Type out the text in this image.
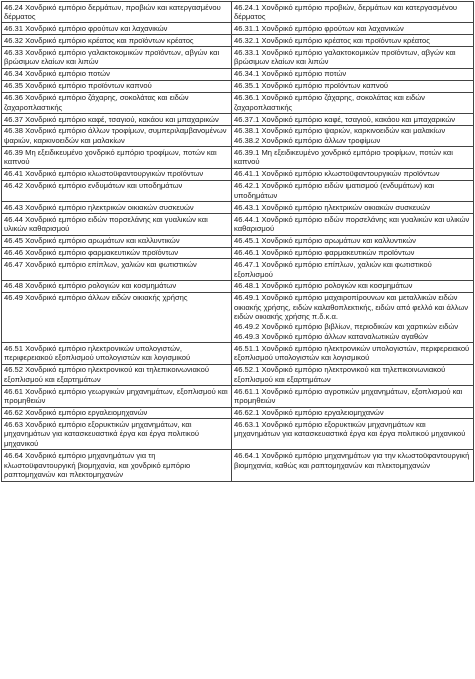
46.24 Χονδρικό εμπόριο δερμάτων, προβιών και κατεργασμένου δέρματος	46.24.1 Χονδρικό εμπόριο προβιών, δερμάτων και κατεργασμένου δέρματος

46.31 Χονδρικό εμπόριο φρούτων και λαχανικών	46.31.1 Χονδρικό εμπόριο φρούτων και λαχανικών

46.32 Χονδρικό εμπόριο κρέατος και προϊόντων κρέατος	46.32.1 Χονδρικό εμπόριο κρέατος και προϊόντων κρέατος

46.33 Χονδρικό εμπόριο γαλακτοκομικών προϊόντων, αβγών και βρώσιμων ελαίων και λιπών	46.33.1 Χονδρικό εμπόριο γαλακτοκομικών προϊόντων, αβγών και βρώσιμων ελαίων και λιπών

46.34 Χονδρικό εμπόριο ποτών	46.34.1 Χονδρικό εμπόριο ποτών

46.35 Χονδρικό εμπόριο προϊόντων καπνού	46.35.1 Χονδρικό εμπόριο προϊόντων καπνού

46.36 Χονδρικό εμπόριο ζάχαρης, σοκολάτας και ειδών ζαχαροπλαστικής	46.36.1 Χονδρικό εμπόριο ζάχαρης, σοκολάτας και ειδών ζαχαροπλαστικής

46.37 Χονδρικό εμπόριο καφέ, τσαγιού, κακάου και μπαχαρικών	46.37.1 Χονδρικό εμπόριο καφέ, τσαγιού, κακάου και μπαχαρικών

46.38 Χονδρικό εμπόριο άλλων τροφίμων, συμπεριλαμβανομένων ψαριών, καρκινοειδών και μαλακίων	46.38.1 Χονδρικό εμπόριο ψαριών, καρκινοειδών και μαλακίων 46.38.2 Χονδρικό εμπόριο άλλων τροφίμων

46.39 Μη εξειδικευμένο χονδρικό εμπόριο τροφίμων, ποτών και καπνού	46.39.1 Μη εξειδικευμένο χονδρικό εμπόριο τροφίμων, ποτών και καπνού

46.41 Χονδρικό εμπόριο κλωστοϋφαντουργικών προϊόντων	46.41.1 Χονδρικό εμπόριο κλωστοϋφαντουργικών προϊόντων

46.42 Χονδρικό εμπόριο ενδυμάτων και υποδημάτων	46.42.1 Χονδρικό εμπόριο ειδών ιματισμού (ενδυμάτων) και υποδημάτων

46.43 Χονδρικό εμπόριο ηλεκτρικών οικιακών συσκευών	46.43.1 Χονδρικό εμπόριο ηλεκτρικών οικιακών συσκευών

46.44 Χονδρικό εμπόριο ειδών πορσελάνης και γυαλικών και υλικών καθαρισμού	46.44.1 Χονδρικό εμπόριο ειδών πορσελάνης και γυαλικών και υλικών καθαρισμού

46.45 Χονδρικό εμπόριο αρωμάτων και καλλυντικών	46.45.1 Χονδρικό εμπόριο αρωμάτων και καλλυντικών

46.46 Χονδρικό εμπόριο φαρμακευτικών προϊόντων	46.46.1 Χονδρικό εμπόριο φαρμακευτικών προϊόντων

46.47 Χονδρικό εμπόριο επίπλων, χαλιών και φωτιστικών	46.47.1 Χονδρικό εμπόριο επίπλων, χαλιών και φωτιστικού εξοπλισμού

46.48 Χονδρικό εμπόριο ρολογιών και κοσμημάτων	46.48.1 Χονδρικό εμπόριο ρολογιών και κοσμημάτων

46.49 Χονδρικό εμπόριο άλλων ειδών οικιακής χρήσης	46.49.1 Χονδρικό εμπόριο μαχαιροπίρουνων και μεταλλικών ειδών οικιακής χρήσης, ειδών καλαθοπλεκτικής, ειδών από φελλό και άλλων ειδών οικιακής χρήσης π.δ.κ.α.
46.49.2 Χονδρικό εμπόριο βιβλίων, περιοδικών και χαρτικών ειδών
46.49.3 Χονδρικό εμπόριο άλλων καταναλωτικών αγαθών

46.51 Χονδρικό εμπόριο ηλεκτρονικών υπολογιστών, περιφερειακού εξοπλισμού υπολογιστών και λογισμικού	46.51.1 Χονδρικό εμπόριο ηλεκτρονικών υπολογιστών, περιφερειακού εξοπλισμού υπολογιστών και λογισμικού

46.52 Χονδρικό εμπόριο ηλεκτρονικού και τηλεπικοινωνιακού εξοπλισμού και εξαρτημάτων	46.52.1 Χονδρικό εμπόριο ηλεκτρονικού και τηλεπικοινωνιακού εξοπλισμού και εξαρτημάτων

46.61 Χονδρικό εμπόριο γεωργικών μηχανημάτων, εξοπλισμού και προμηθειών	46.61.1 Χονδρικό εμπόριο αγροτικών μηχανημάτων, εξοπλισμού και προμηθειών

46.62 Χονδρικό εμπόριο εργαλειομηχανών	46.62.1 Χονδρικό εμπόριο εργαλειομηχανών

46.63 Χονδρικό εμπόριο εξορυκτικών μηχανημάτων, και μηχανημάτων για κατασκευαστικά έργα και έργα πολιτικού μηχανικού	46.63.1 Χονδρικό εμπόριο εξορυκτικών μηχανημάτων και μηχανημάτων για κατασκευαστικά έργα και έργα πολιτικού μηχανικού

46.64 Χονδρικό εμπόριο μηχανημάτων για τη κλωστοϋφαντουργική βιομηχανία, και χονδρικό εμπόριο ραπτομηχανών και πλεκτομηχανών	46.64.1 Χονδρικό εμπόριο μηχανημάτων για την κλωστοϋφαντουργική βιομηχανία, καθώς και ραπτομηχανών και πλεκτομηχανών
